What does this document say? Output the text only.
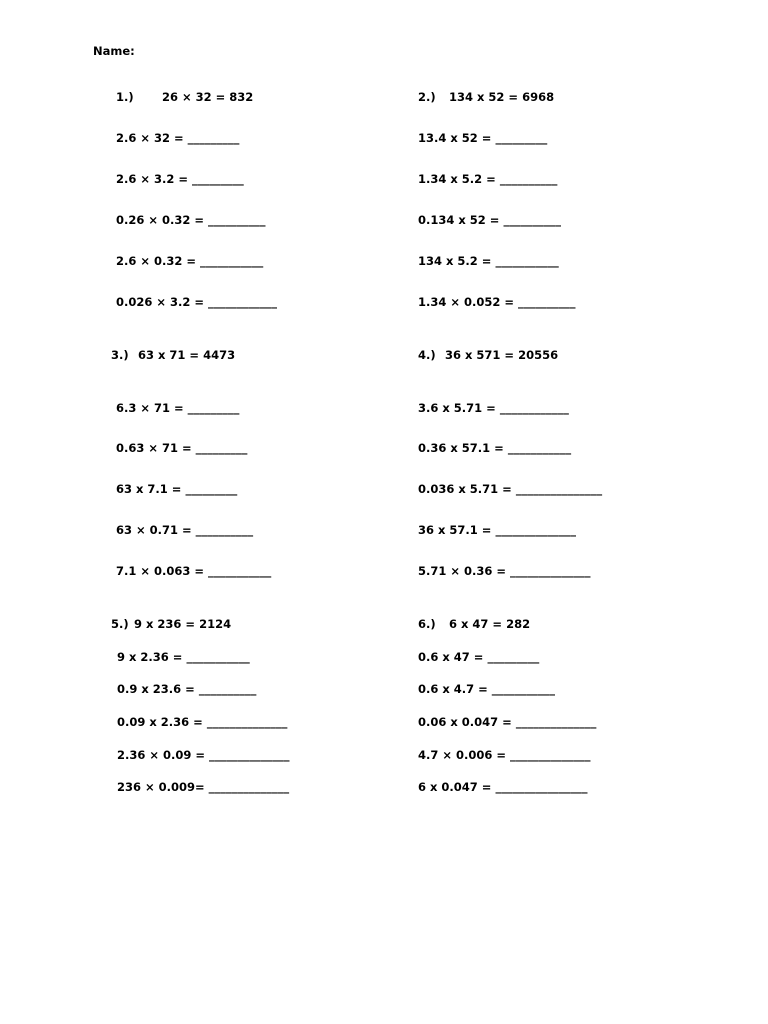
Name:
1.) 26 × 32 = 832
2.6 × 32 = _________
2.6 × 3.2 = _________
0.26 × 0.32 = __________
2.6 × 0.32 = ___________
0.026 × 3.2 = ____________
2.) 134 x 52 = 6968
13.4 x 52 = _________
1.34 x 5.2 = __________
0.134 x 52 = __________
134 x 5.2 = ___________
1.34 × 0.052 = __________
3.) 63 x 71 = 4473
6.3 × 71 = _________
0.63 × 71 = _________
63 x 7.1 = _________
63 × 0.71 = __________
7.1 × 0.063 = ___________
4.) 36 x 571 = 20556
3.6 x 5.71 = ____________
0.36 x 57.1 = ___________
0.036 x 5.71 = _______________
36 x 57.1 = ______________
5.71 × 0.36 = ______________
5.) 9 x 236 = 2124
9 x 2.36 = ___________
0.9 x 23.6 = __________
0.09 x 2.36 = ______________
2.36 × 0.09 = ______________
236 × 0.009= ______________
6.) 6 x 47 = 282
0.6 x 47 = _________
0.6 x 4.7 = ___________
0.06 x 0.047 = ______________
4.7 × 0.006 = ______________
6 x 0.047 = ________________
